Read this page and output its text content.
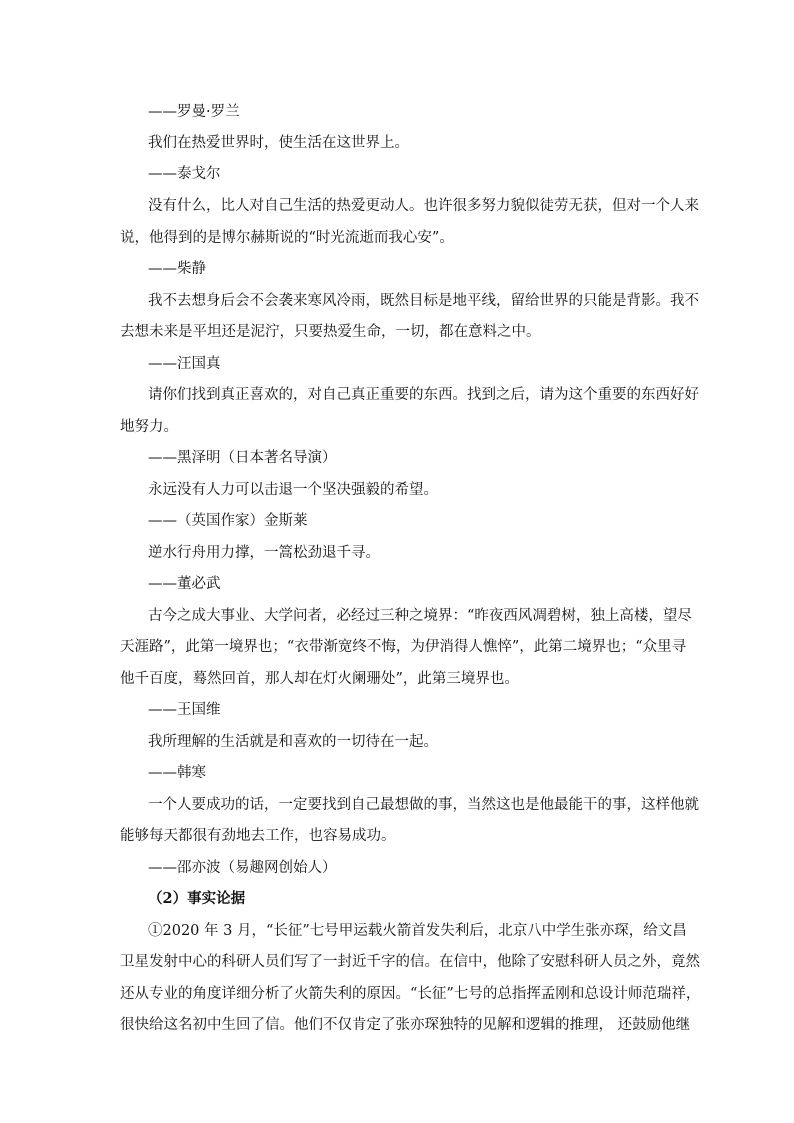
——罗曼·罗兰
我们在热爱世界时，使生活在这世界上。
——泰戈尔
没有什么，比人对自己生活的热爱更动人。也许很多努力貌似徒劳无获，但对一个人来
说，他得到的是博尔赫斯说的“时光流逝而我心安”。
——柴静
我不去想身后会不会袭来寒风冷雨，既然目标是地平线，留给世界的只能是背影。我不
去想未来是平坦还是泥泞，只要热爱生命，一切，都在意料之中。
——汪国真
请你们找到真正喜欢的，对自己真正重要的东西。找到之后，请为这个重要的东西好好
地努力。
——黑泽明（日本著名导演）
永远没有人力可以击退一个坚决强毅的希望。
——（英国作家）金斯莱
逆水行舟用力撑，一篙松劲退千寻。
——董必武
古今之成大事业、大学问者，必经过三种之境界：“昨夜西风凋碧树，独上高楼，望尽
天涯路”，此第一境界也；“衣带渐宽终不悔，为伊消得人憔悴”，此第二境界也；“众里寻
他千百度，蓦然回首，那人却在灯火阑珊处”，此第三境界也。
——王国维
我所理解的生活就是和喜欢的一切待在一起。
——韩寒
一个人要成功的话，一定要找到自己最想做的事，当然这也是他最能干的事，这样他就
能够每天都很有劲地去工作，也容易成功。
——邵亦波（易趣网创始人）
（2）事实论据
①2020 年 3 月，“长征”七号甲运载火箭首发失利后，北京八中学生张亦琛，给文昌
卫星发射中心的科研人员们写了一封近千字的信。在信中，他除了安慰科研人员之外，竟然
还从专业的角度详细分析了火箭失利的原因。“长征”七号的总指挥孟刚和总设计师范瑞祥，
很快给这名初中生回了信。他们不仅肯定了张亦琛独特的见解和逻辑的推理， 还鼓励他继
